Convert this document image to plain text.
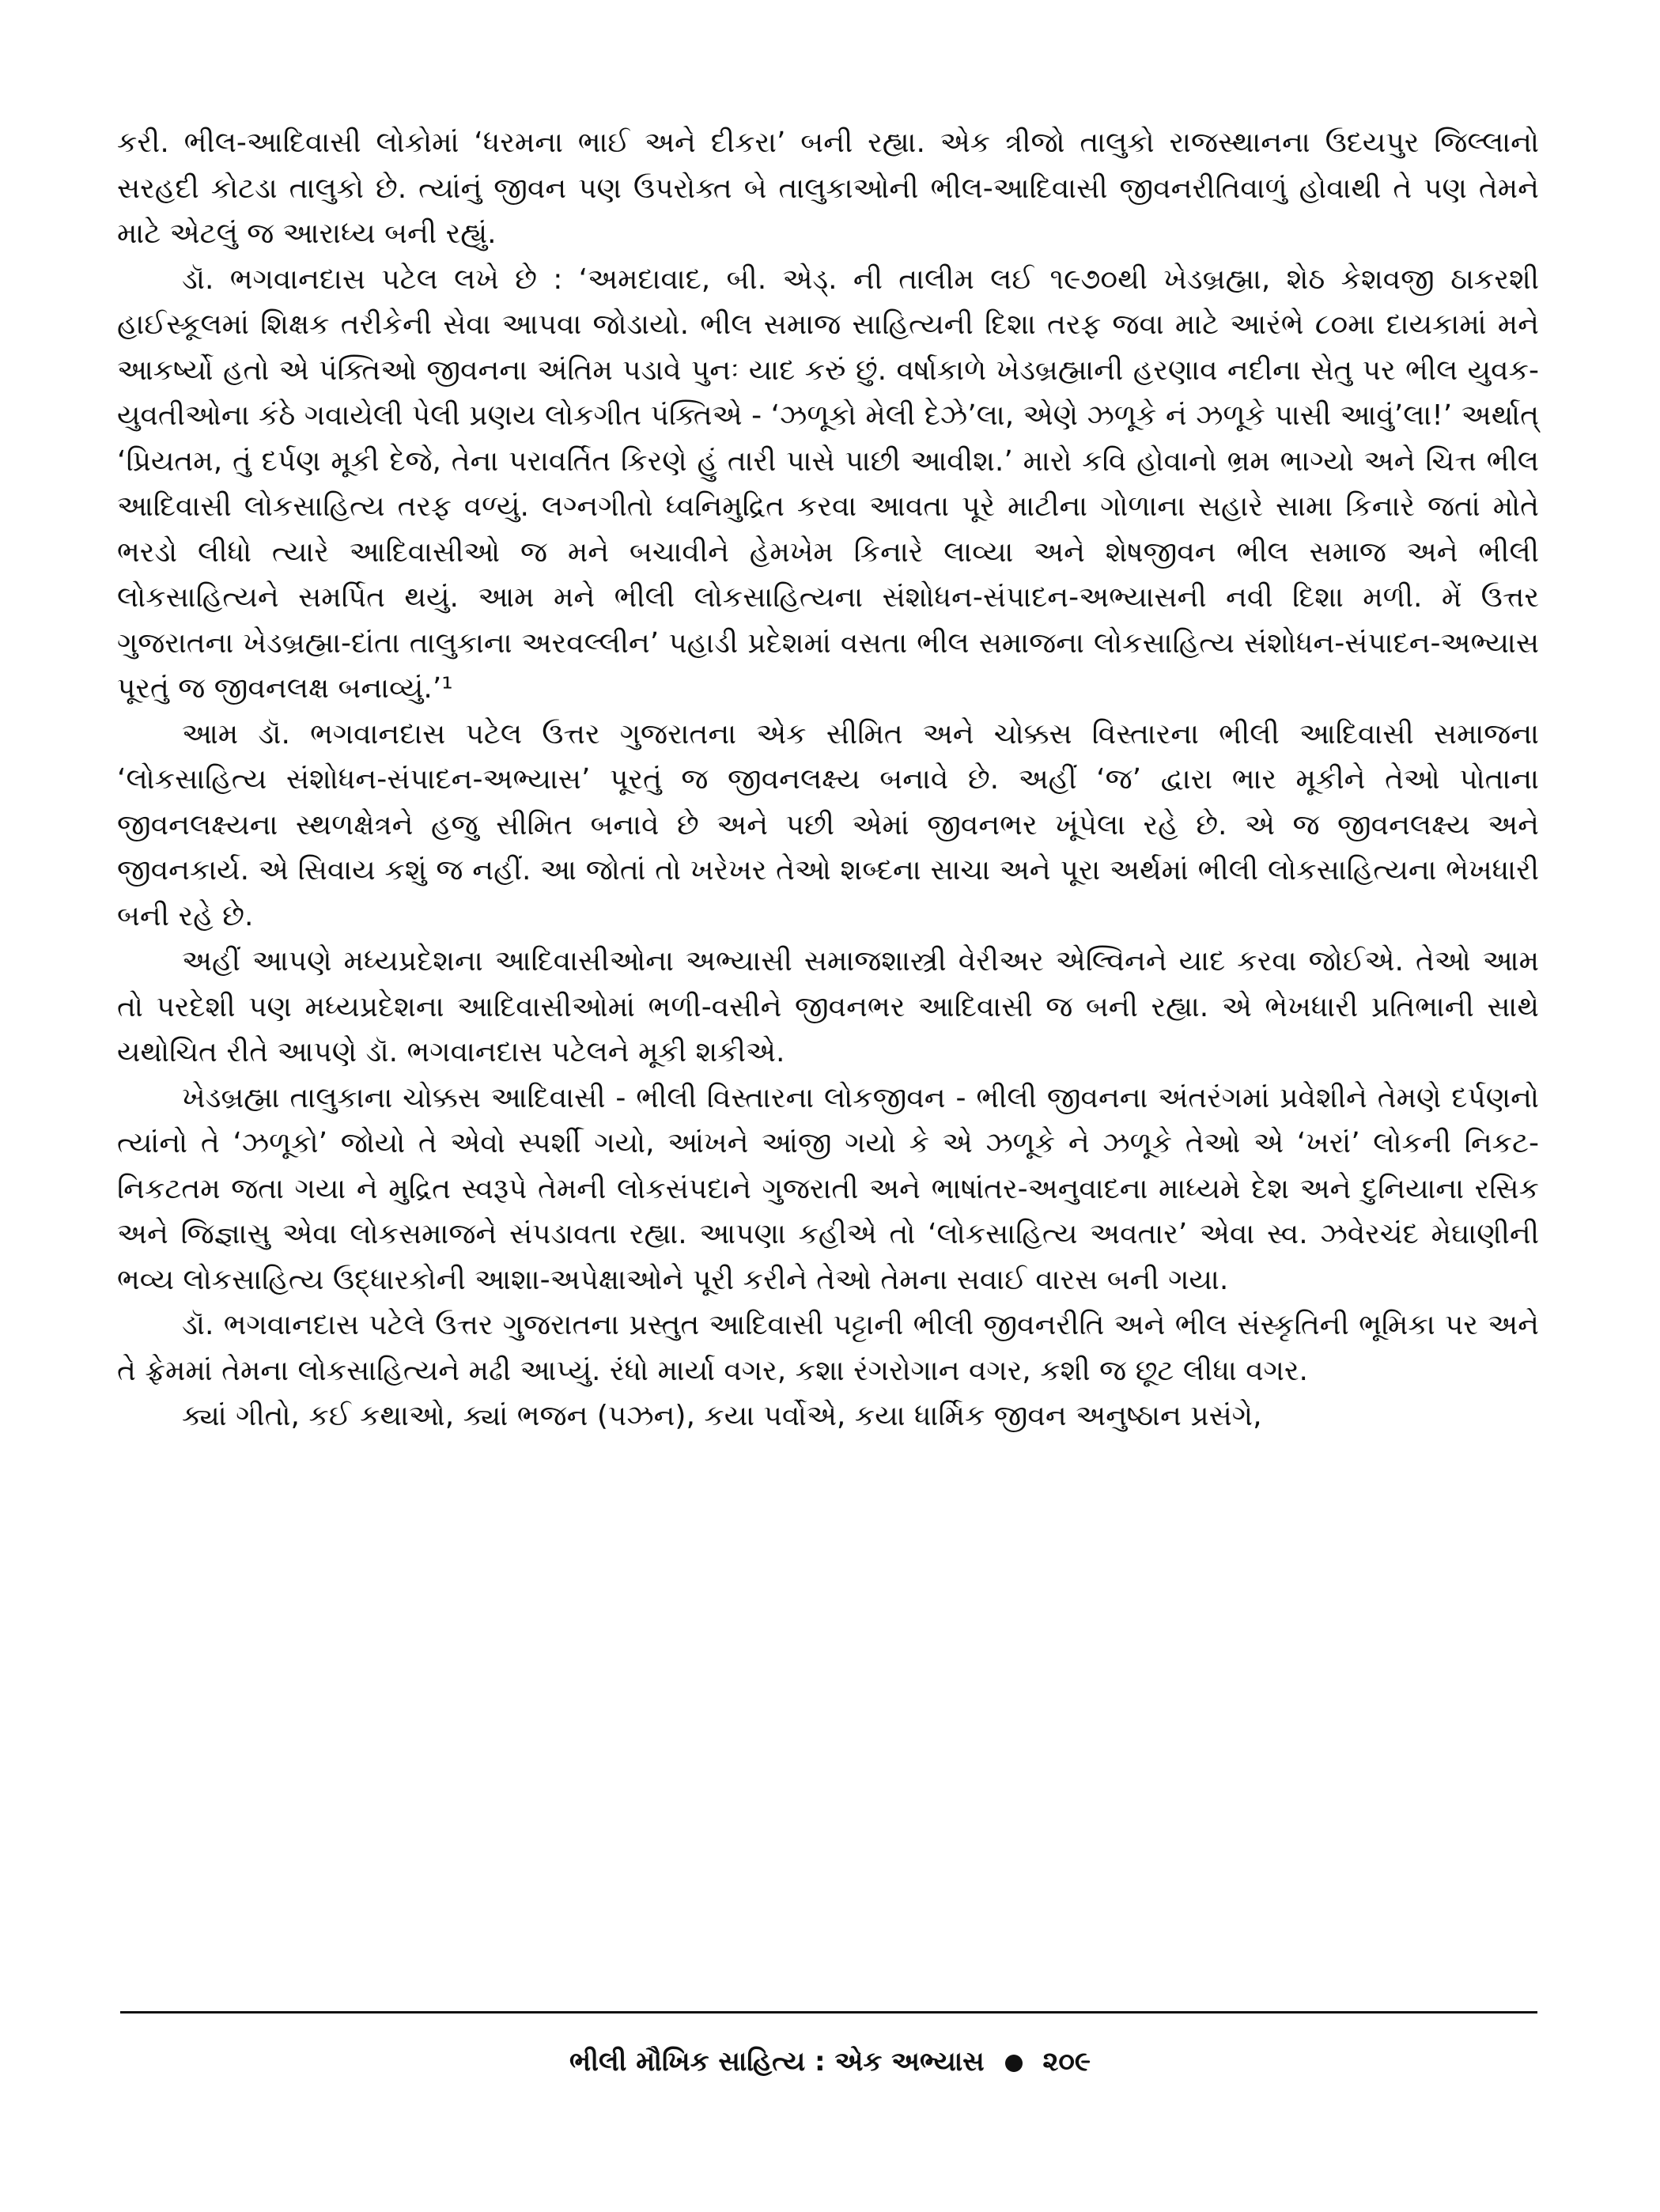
કરી. ભીલ-આદિવાસી લોકોમાં ‘ધરમના ભાઈ અને દીકરા’ બની રહ્યા. એક ત્રીજો તાલુકો રાજસ્થાનના ઉદયપુર જિલ્લાનો સરહદી કોટડા તાલુકો છે. ત્યાંનું જીવન પણ ઉપરોક્ત બે તાલુકાઓની ભીલ-આદિવાસી જીવનરીતિવાળું હોવાથી તે પણ તેમને માટે એટલું જ આરાધ્ય બની રહ્યું.

ડૉ. ભગવાનદાસ પટેલ લખે છે : ‘અમદાવાદ, બી. એડ્. ની તાલીમ લઈ ૧૯૭૦થી ખેડબ્રહ્મા, શેઠ કેશવજી ઠાકરશી હાઈસ્કૂલમાં શિક્ષક તરીકેની સેવા આપવા જોડાયો. ભીલ સમાજ સાહિત્યની દિશા તરફ જવા માટે આરંભે ૮૦મા દાયકામાં મને આકર્ષ્યો હતો એ પંક્તિઓ જીવનના અંતિમ પડાવે પુનઃ યાદ કરું છું. વર્ષાકાળે ખેડબ્રહ્માની હરણાવ નદીના સેતુ પર ભીલ યુવક-યુવતીઓના કંઠે ગવાયેલી પેલી પ્રણય લોકગીત પંક્તિએ - ‘ઝળૂકો મેલી દેઝે’લા, એણે ઝળૂકે નં ઝળૂકે પાસી આવું’લા!’ અર્થાત્ ‘પ્રિયતમ, તું દર્પણ મૂકી દેજે, તેના પરાવર્તિત કિરણે હું તારી પાસે પાછી આવીશ.’ મારો કવિ હોવાનો ભ્રમ ભાગ્યો અને ચિત્ત ભીલ આદિવાસી લોકસાહિત્ય તરફ વળ્યું. લગ્નગીતો ધ્વનિમુદ્રિત કરવા આવતા પૂરે માટીના ગોળાના સહારે સામા કિનારે જતાં મોતે ભરડો લીધો ત્યારે આદિવાસીઓ જ મને બચાવીને હેમખેમ કિનારે લાવ્યા અને શેષજીવન ભીલ સમાજ અને ભીલી લોકસાહિત્યને સમર્પિત થયું. આમ મને ભીલી લોકસાહિત્યના સંશોધન-સંપાદન-અભ્યાસની નવી દિશા મળી. મેં ઉત્તર ગુજરાતના ખેડબ્રહ્મા-દાંતા તાલુકાના અરવલ્લીન’ પહાડી પ્રદેશમાં વસતા ભીલ સમાજના લોકસાહિત્ય સંશોધન-સંપાદન-અભ્યાસ પૂરતું જ જીવનલક્ષ બનાવ્યું.’¹

આમ ડૉ. ભગવાનદાસ પટેલ ઉત્તર ગુજરાતના એક સીમિત અને ચોક્કસ વિસ્તારના ભીલી આદિવાસી સમાજના ‘લોકસાહિત્ય સંશોધન-સંપાદન-અભ્યાસ’ પૂરતું જ જીવનલક્ષ્ય બનાવે છે. અહીં ‘જ’ દ્વારા ભાર મૂકીને તેઓ પોતાના જીવનલક્ષ્યના સ્થળક્ષેત્રને હજુ સીમિત બનાવે છે અને પછી એમાં જીવનભર ખૂંપેલા રહે છે. એ જ જીવનલક્ષ્ય અને જીવનકાર્ય. એ સિવાય કશું જ નહીં. આ જોતાં તો ખરેખર તેઓ શબ્દના સાચા અને પૂરા અર્થમાં ભીલી લોકસાહિત્યના ભેખધારી બની રહે છે.

અહીં આપણે મધ્યપ્રદેશના આદિવાસીઓના અભ્યાસી સમાજશાસ્ત્રી વેરીઅર એલ્વિનને યાદ કરવા જોઈએ. તેઓ આમ તો પરદેશી પણ મધ્યપ્રદેશના આદિવાસીઓમાં ભળી-વસીને જીવનભર આદિવાસી જ બની રહ્યા. એ ભેખધારી પ્રતિભાની સાથે યથોચિત રીતે આપણે ડૉ. ભગવાનદાસ પટેલને મૂકી શકીએ.

ખેડબ્રહ્મા તાલુકાના ચોક્કસ આદિવાસી - ભીલી વિસ્તારના લોકજીવન - ભીલી જીવનના અંતરંગમાં પ્રવેશીને તેમણે દર્પણનો ત્યાંનો તે ‘ઝળૂકો’ જોયો તે એવો સ્પર્શી ગયો, આંખને આંજી ગયો કે એ ઝળૂકે ને ઝળૂકે તેઓ એ ‘ખરાં’ લોકની નિકટ-નિકટતમ જતા ગયા ને મુદ્રિત સ્વરૂપે તેમની લોકસંપદાને ગુજરાતી અને ભાષાંતર-અનુવાદના માધ્યમે દેશ અને દુનિયાના રસિક અને જિજ્ઞાસુ એવા લોકસમાજને સંપડાવતા રહ્યા. આપણા કહીએ તો ‘લોકસાહિત્ય અવતાર’ એવા સ્વ. ઝવેરચંદ મેઘાણીની ભવ્ય લોકસાહિત્ય ઉદ્ધારકોની આશા-અપેક્ષાઓને પૂરી કરીને તેઓ તેમના સવાઈ વારસ બની ગયા.

ડૉ. ભગવાનદાસ પટેલે ઉત્તર ગુજરાતના પ્રસ્તુત આદિવાસી પટ્ટાની ભીલી જીવનરીતિ અને ભીલ સંસ્કૃતિની ભૂમિકા પર અને તે ફ્રેમમાં તેમના લોકસાહિત્યને મઢી આપ્યું. રંધો માર્યા વગર, કશા રંગરોગાન વગર, કશી જ છૂટ લીધા વગર.

ક્યાં ગીતો, કઈ કથાઓ, ક્યાં ભજન (પઝન), કયા પર્વોએ, કયા ધાર્મિક જીવન અનુષ્ઠાન પ્રસંગે,

ભીલી મૌખિક સાહિત્ય : એક અભ્યાસ ૨૦૯
